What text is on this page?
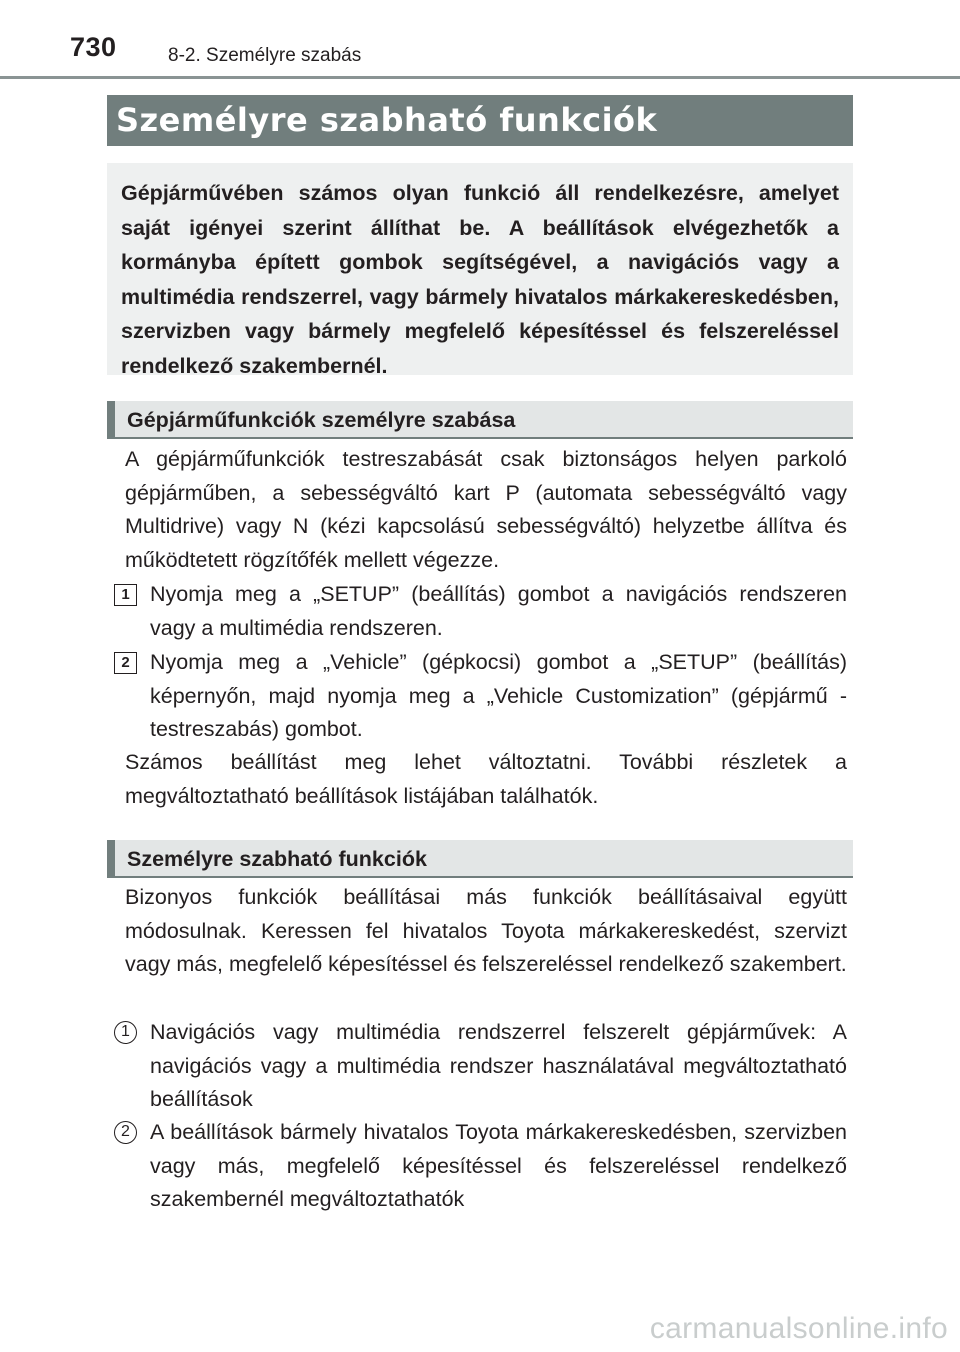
730	8-2. Személyre szabás
Személyre szabható funkciók

Gépjárművében számos olyan funkció áll rendelkezésre, amelyet saját igényei szerint állíthat be. A beállítások elvégezhetők a kormányba épített gombok segítségével, a navigációs vagy a multimédia rendszerrel, vagy bármely hivatalos márkakereskedésben, szervizben vagy bármely megfelelő képesítéssel és felszereléssel rendelkező szakembernél.

Gépjárműfunkciók személyre szabása

A gépjárműfunkciók testreszabását csak biztonságos helyen parkoló gépjárműben, a sebességváltó kart P (automata sebességváltó vagy Multidrive) vagy N (kézi kapcsolású sebességváltó) helyzetbe állítva és működtetett rögzítőfék mellett végezze.

1 Nyomja meg a „SETUP” (beállítás) gombot a navigációs rendszeren vagy a multimédia rendszeren.
2 Nyomja meg a „Vehicle” (gépkocsi) gombot a „SETUP” (beállítás) képernyőn, majd nyomja meg a „Vehicle Customization” (gépjármű - testreszabás) gombot.

Számos beállítást meg lehet változtatni. További részletek a megváltoztatható beállítások listájában találhatók.

Személyre szabható funkciók

Bizonyos funkciók beállításai más funkciók beállításaival együtt módosulnak. Keressen fel hivatalos Toyota márkakereskedést, szervizt vagy más, megfelelő képesítéssel és felszereléssel rendelkező szakembert.

1 Navigációs vagy multimédia rendszerrel felszerelt gépjárművek: A navigációs vagy a multimédia rendszer használatával megváltoztatható beállítások
2 A beállítások bármely hivatalos Toyota márkakereskedésben, szervizben vagy más, megfelelő képesítéssel és felszereléssel rendelkező szakembernél megváltoztathatók
carmanualsonline.info
